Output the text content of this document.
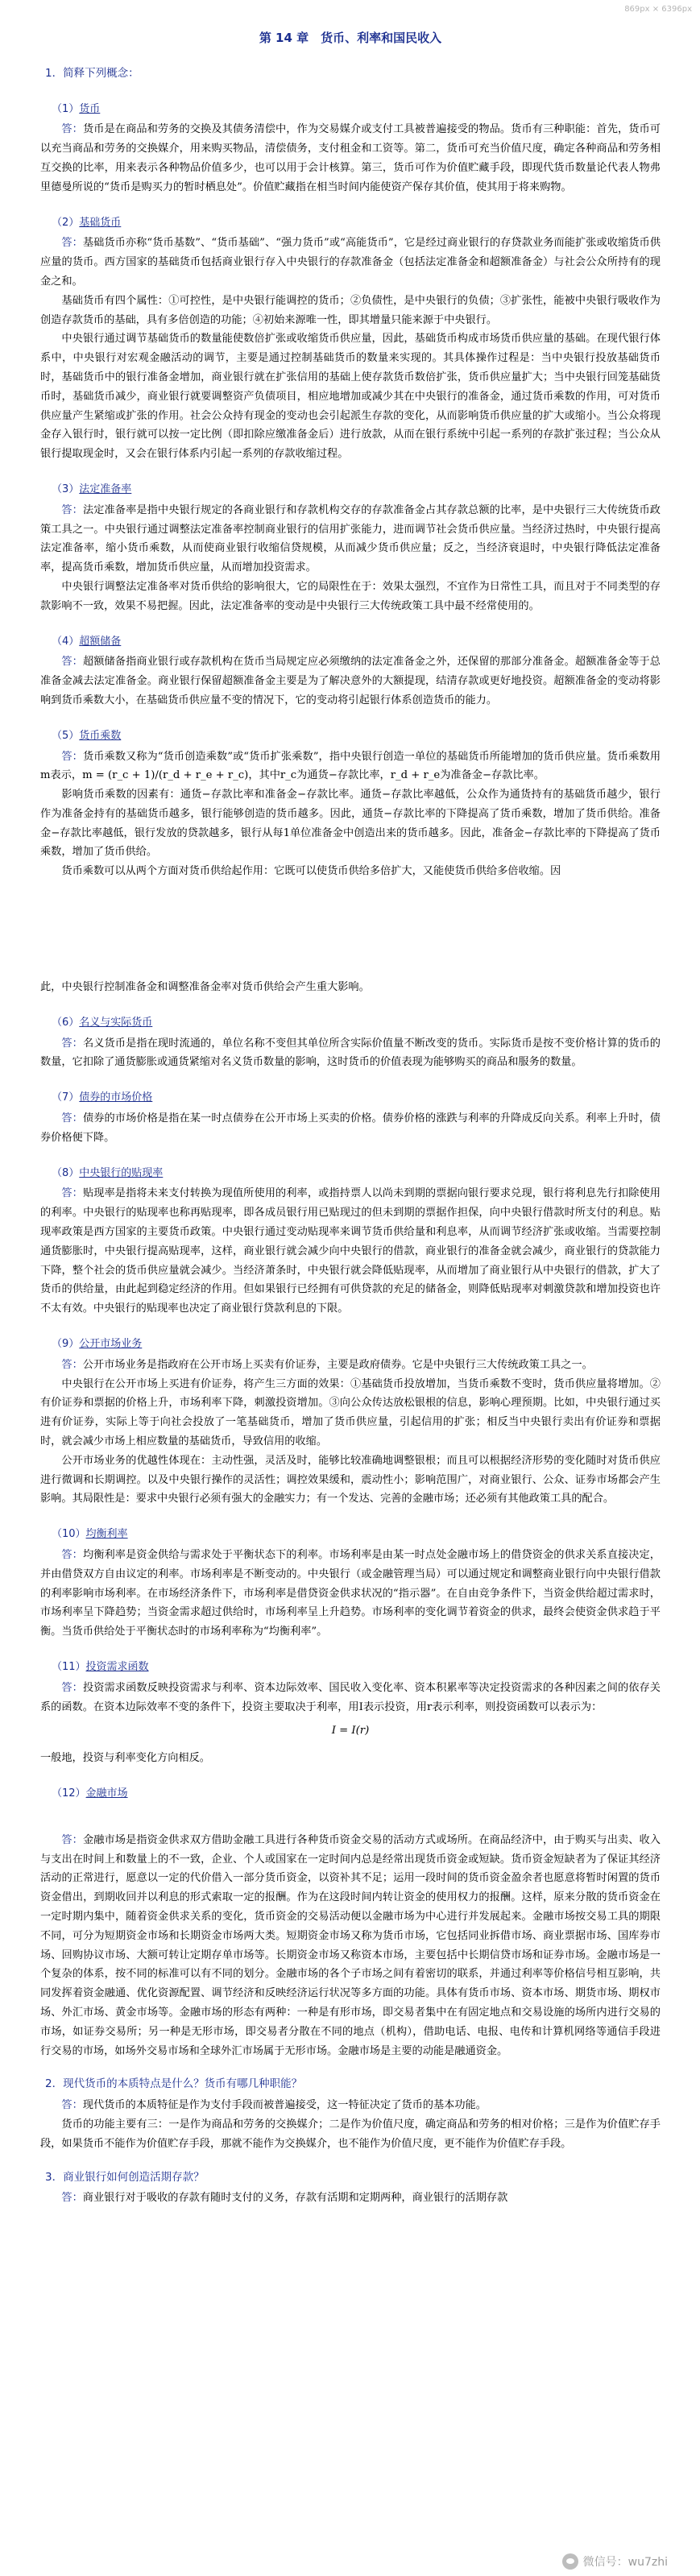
869px × 6396px
第 14 章　货币、利率和国民收入
1．简释下列概念：
（1）货币

答：货币是在商品和劳务的交换及其债务清偿中，作为交易媒介或支付工具被普遍接受的物品。货币有三种职能：首先，货币可以充当商品和劳务的交换媒介，用来购买物品，清偿债务，支付租金和工资等。第二，货币可充当价值尺度，确定各种商品和劳务相互交换的比率，用来表示各种物品价值多少，也可以用于会计核算。第三，货币可作为价值贮藏手段，即现代货币数量论代表人物弗里德曼所说的“货币是购买力的暂时栖息处”。价值贮藏指在相当时间内能使资产保存其价值，使其用于将来购物。

（2）基础货币

答：基础货币亦称“货币基数”、“货币基础”、“强力货币”或“高能货币”，它是经过商业银行的存贷款业务而能扩张或收缩货币供应量的货币。西方国家的基础货币包括商业银行存入中央银行的存款准备金（包括法定准备金和超额准备金）与社会公众所持有的现金之和。

基础货币有四个属性：①可控性，是中央银行能调控的货币；②负债性，是中央银行的负债；③扩张性，能被中央银行吸收作为创造存款货币的基础，具有多倍创造的功能；④初始来源唯一性，即其增量只能来源于中央银行。

中央银行通过调节基础货币的数量能使数倍扩张或收缩货币供应量，因此，基础货币构成市场货币供应量的基础。在现代银行体系中，中央银行对宏观金融活动的调节，主要是通过控制基础货币的数量来实现的。其具体操作过程是：当中央银行投放基础货币时，基础货币中的银行准备金增加，商业银行就在扩张信用的基础上使存款货币数倍扩张，货币供应量扩大；当中央银行回笼基础货币时，基础货币减少，商业银行就要调整资产负债项目，相应地增加或减少其在中央银行的准备金，通过货币乘数的作用，可对货币供应量产生紧缩或扩张的作用。社会公众持有现金的变动也会引起派生存款的变化，从而影响货币供应量的扩大或缩小。当公众将现金存入银行时，银行就可以按一定比例（即扣除应缴准备金后）进行放款，从而在银行系统中引起一系列的存款扩张过程；当公众从银行提取现金时，又会在银行体系内引起一系列的存款收缩过程。

（3）法定准备率

答：法定准备率是指中央银行规定的各商业银行和存款机构交存的存款准备金占其存款总额的比率，是中央银行三大传统货币政策工具之一。中央银行通过调整法定准备率控制商业银行的信用扩张能力，进而调节社会货币供应量。当经济过热时，中央银行提高法定准备率，缩小货币乘数，从而使商业银行收缩信贷规模，从而减少货币供应量；反之，当经济衰退时，中央银行降低法定准备率，提高货币乘数，增加货币供应量，从而增加投资需求。

中央银行调整法定准备率对货币供给的影响很大，它的局限性在于：效果太强烈，不宜作为日常性工具，而且对于不同类型的存款影响不一致，效果不易把握。因此，法定准备率的变动是中央银行三大传统政策工具中最不经常使用的。

（4）超额储备

答：超额储备指商业银行或存款机构在货币当局规定应必须缴纳的法定准备金之外，还保留的那部分准备金。超额准备金等于总准备金减去法定准备金。商业银行保留超额准备金主要是为了解决意外的大额提现，结清存款或更好地投资。超额准备金的变动将影响到货币乘数大小，在基础货币供应量不变的情况下，它的变动将引起银行体系创造货币的能力。

（5）货币乘数

答：货币乘数又称为“货币创造乘数”或“货币扩张乘数”，指中央银行创造一单位的基础货币所能增加的货币供应量。货币乘数用m表示，m = (r_c + 1)/(r_d + r_e + r_c)，其中r_c为通货−存款比率，r_d + r_e为准备金−存款比率。

影响货币乘数的因素有：通货−存款比率和准备金−存款比率。通货−存款比率越低，公众作为通货持有的基础货币越少，银行作为准备金持有的基础货币越多，银行能够创造的货币越多。因此，通货−存款比率的下降提高了货币乘数，增加了货币供给。准备金−存款比率越低，银行发放的贷款越多，银行从每1单位准备金中创造出来的货币越多。因此，准备金−存款比率的下降提高了货币乘数，增加了货币供给。

货币乘数可以从两个方面对货币供给起作用：它既可以使货币供给多倍扩大，又能使货币供给多倍收缩。因

此，中央银行控制准备金和调整准备金率对货币供给会产生重大影响。

（6）名义与实际货币

答：名义货币是指在现时流通的，单位名称不变但其单位所含实际价值量不断改变的货币。实际货币是按不变价格计算的货币的数量，它扣除了通货膨胀或通货紧缩对名义货币数量的影响，这时货币的价值表现为能够购买的商品和服务的数量。

（7）债券的市场价格

答：债券的市场价格是指在某一时点债券在公开市场上买卖的价格。债券价格的涨跌与利率的升降成反向关系。利率上升时，债券价格便下降。

（8）中央银行的贴现率

答：贴现率是指将未来支付转换为现值所使用的利率，或指持票人以尚未到期的票据向银行要求兑现，银行将利息先行扣除使用的利率。中央银行的贴现率也称再贴现率，即各成员银行用已贴现过的但未到期的票据作担保，向中央银行借款时所支付的利息。贴现率政策是西方国家的主要货币政策。中央银行通过变动贴现率来调节货币供给量和利息率，从而调节经济扩张或收缩。当需要控制通货膨胀时，中央银行提高贴现率，这样，商业银行就会减少向中央银行的借款，商业银行的准备金就会减少，商业银行的贷款能力下降，整个社会的货币供应量就会减少。当经济萧条时，中央银行就会降低贴现率，从而增加了商业银行从中央银行的借款，扩大了货币的供给量，由此起到稳定经济的作用。但如果银行已经拥有可供贷款的充足的储备金，则降低贴现率对刺激贷款和增加投资也许不太有效。中央银行的贴现率也决定了商业银行贷款利息的下限。

（9）公开市场业务

答：公开市场业务是指政府在公开市场上买卖有价证券，主要是政府债券。它是中央银行三大传统政策工具之一。

中央银行在公开市场上买进有价证券，将产生三方面的效果：①基础货币投放增加，当货币乘数不变时，货币供应量将增加。②有价证券和票据的价格上升，市场利率下降，刺激投资增加。③向公众传达放松银根的信息，影响心理预期。比如，中央银行通过买进有价证券，实际上等于向社会投放了一笔基础货币，增加了货币供应量，引起信用的扩张；相反当中央银行卖出有价证券和票据时，就会减少市场上相应数量的基础货币，导致信用的收缩。

公开市场业务的优越性体现在：主动性强，灵活及时，能够比较准确地调整银根；而且可以根据经济形势的变化随时对货币供应进行微调和长期调控。以及中央银行操作的灵活性；调控效果缓和，震动性小；影响范围广，对商业银行、公众、证券市场都会产生影响。其局限性是：要求中央银行必须有强大的金融实力；有一个发达、完善的金融市场；还必须有其他政策工具的配合。

（10）均衡利率

答：均衡利率是资金供给与需求处于平衡状态下的利率。市场利率是由某一时点处金融市场上的借贷资金的供求关系直接决定，并由借贷双方自由议定的利率。市场利率是不断变动的。中央银行（或金融管理当局）可以通过规定和调整商业银行向中央银行借款的利率影响市场利率。在市场经济条件下，市场利率是借贷资金供求状况的“指示器”。在自由竞争条件下，当资金供给超过需求时，市场利率呈下降趋势；当资金需求超过供给时，市场利率呈上升趋势。市场利率的变化调节着资金的供求，最终会使资金供求趋于平衡。当货币供给处于平衡状态时的市场利率称为“均衡利率”。

（11）投资需求函数

答：投资需求函数反映投资需求与利率、资本边际效率、国民收入变化率、资本积累率等决定投资需求的各种因素之间的依存关系的函数。在资本边际效率不变的条件下，投资主要取决于利率，用I表示投资，用r表示利率，则投资函数可以表示为：

I = I(r)

一般地，投资与利率变化方向相反。

（12）金融市场

答：金融市场是指资金供求双方借助金融工具进行各种货币资金交易的活动方式或场所。在商品经济中，由于购买与出卖、收入与支出在时间上和数量上的不一致，企业、个人或国家在一定时间内总是经常出现货币资金或短缺。货币资金短缺者为了保证其经济活动的正常进行，愿意以一定的代价借入一部分货币资金，以资补其不足；运用一段时间的货币资金盈余者也愿意将暂时闲置的货币资金借出，到期收回并以利息的形式索取一定的报酬。作为在这段时间内转让资金的使用权力的报酬。这样，原来分散的货币资金在一定时期内集中，随着资金供求关系的变化，货币资金的交易活动便以金融市场为中心进行并发展起来。金融市场按交易工具的期限不同，可分为短期资金市场和长期资金市场两大类。短期资金市场又称为货币市场，它包括同业拆借市场、商业票据市场、国库券市场、回购协议市场、大额可转让定期存单市场等。长期资金市场又称资本市场，主要包括中长期信贷市场和证券市场。金融市场是一个复杂的体系，按不同的标准可以有不同的划分。金融市场的各个子市场之间有着密切的联系，并通过利率等价格信号相互影响，共同发挥着资金融通、优化资源配置、调节经济和反映经济运行状况等多方面的功能。具体有货币市场、资本市场、期货市场、期权市场、外汇市场、黄金市场等。金融市场的形态有两种：一种是有形市场，即交易者集中在有固定地点和交易设施的场所内进行交易的市场，如证券交易所；另一种是无形市场，即交易者分散在不同的地点（机构），借助电话、电报、电传和计算机网络等通信手段进行交易的市场，如场外交易市场和全球外汇市场属于无形市场。金融市场是主要的动能是融通资金。

2．现代货币的本质特点是什么？货币有哪几种职能？

答：现代货币的本质特征是作为支付手段而被普遍接受，这一特征决定了货币的基本功能。

货币的功能主要有三：一是作为商品和劳务的交换媒介；二是作为价值尺度，确定商品和劳务的相对价格；三是作为价值贮存手段，如果货币不能作为价值贮存手段，那就不能作为交换媒介，也不能作为价值尺度，更不能作为价值贮存手段。

3．商业银行如何创造活期存款？

答：商业银行对于吸收的存款有随时支付的义务，存款有活期和定期两种，商业银行的活期存款

微信号：wu7zhi
